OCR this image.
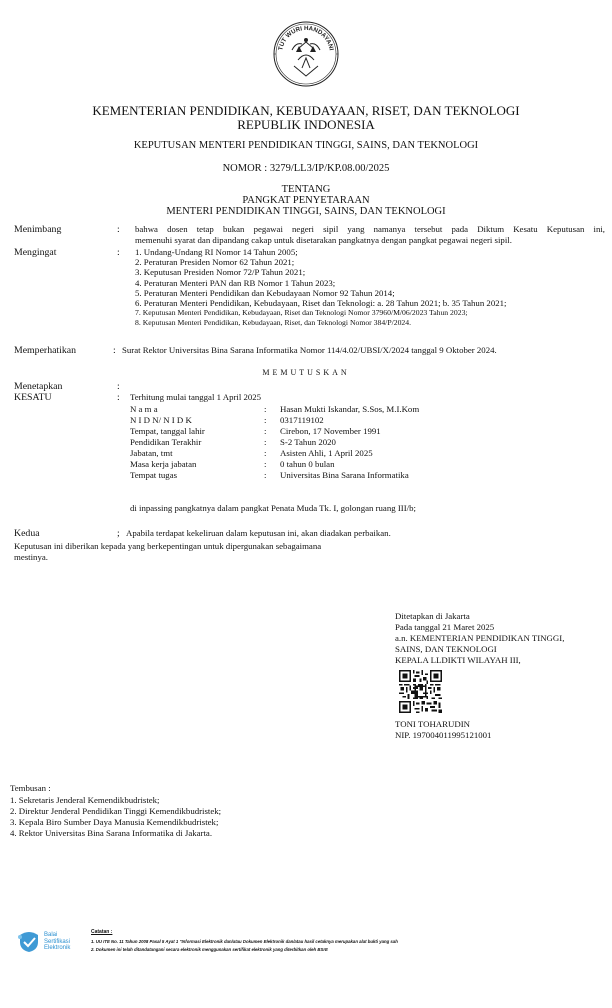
TUT WURI HANDAYANI
KEMENTERIAN PENDIDIKAN, KEBUDAYAAN, RISET, DAN TEKNOLOGI
REPUBLIK INDONESIA
KEPUTUSAN MENTERI PENDIDIKAN TINGGI, SAINS, DAN TEKNOLOGI
NOMOR : 3279/LL3/IP/KP.08.00/2025
TENTANG
PANGKAT PENYETARAAN
MENTERI PENDIDIKAN TINGGI, SAINS, DAN TEKNOLOGI
Menimbang	: bahwa dosen tetap bukan pegawai negeri sipil yang namanya tersebut pada Diktum Kesatu Keputusan ini,
memenuhi syarat dan dipandang cakap untuk disetarakan pangkatnya dengan pangkat pegawai negeri sipil.
Mengingat	: 1. Undang-Undang RI Nomor 14 Tahun 2005;
2. Peraturan Presiden Nomor 62 Tahun 2021;
3. Keputusan Presiden Nomor 72/P Tahun 2021;
4. Peraturan Menteri PAN dan RB Nomor 1 Tahun 2023;
5. Peraturan Menteri Pendidikan dan Kebudayaan Nomor 92 Tahun 2014;
6. Peraturan Menteri Pendidikan, Kebudayaan, Riset dan Teknologi: a. 28 Tahun 2021; b. 35 Tahun 2021;
7. Keputusan Menteri Pendidikan, Kebudayaan, Riset dan Teknologi Nomor 37960/M/06/2023 Tahun 2023;
8. Keputusan Menteri Pendidikan, Kebudayaan, Riset, dan Teknologi Nomor 384/P/2024.
Memperhatikan	: Surat Rektor Universitas Bina Sarana Informatika Nomor 114/4.02/UBSI/X/2024 tanggal 9 Oktober 2024.
MEMUTUSKAN
Menetapkan	:
KESATU	: Terhitung mulai tanggal 1 April 2025
N a m a	: Hasan Mukti Iskandar, S.Sos, M.I.Kom
N I D N/ N I D K	: 0317119102
Tempat, tanggal lahir	: Cirebon, 17 November 1991
Pendidikan Terakhir	: S-2 Tahun 2020
Jabatan, tmt	: Asisten Ahli, 1 April 2025
Masa kerja jabatan	: 0 tahun 0 bulan
Tempat tugas	: Universitas Bina Sarana Informatika
di inpassing pangkatnya dalam pangkat Penata Muda Tk. I, golongan ruang III/b;
Kedua	; Apabila terdapat kekeliruan dalam keputusan ini, akan diadakan perbaikan.
Keputusan ini diberikan kepada yang berkepentingan untuk dipergunakan sebagaimana
mestinya.
Ditetapkan di Jakarta
Pada tanggal 21 Maret 2025
a.n. KEMENTERIAN PENDIDIKAN TINGGI,
SAINS, DAN TEKNOLOGI
KEPALA LLDIKTI WILAYAH III,
TONI TOHARUDIN
NIP. 197004011995121001
Tembusan :
1. Sekretaris Jenderal Kemendikbudristek;
2. Direktur Jenderal Pendidikan Tinggi Kemendikbudristek;
3. Kepala Biro Sumber Daya Manusia Kemendikbudristek;
4. Rektor Universitas Bina Sarana Informatika di Jakarta.
Balai
Sertifikasi
Elektronik
Catatan :
1. UU ITE No. 11 Tahun 2008 Pasal 5 Ayat 1 "Informasi Elektronik dan/atau Dokumen Elektronik dan/atau hasil cetaknya merupakan alat bukti yang sah
2. Dokumen ini telah ditandatangani secara elektronik menggunakan sertifikat elektronik yang diterbitkan oleh BSrE
